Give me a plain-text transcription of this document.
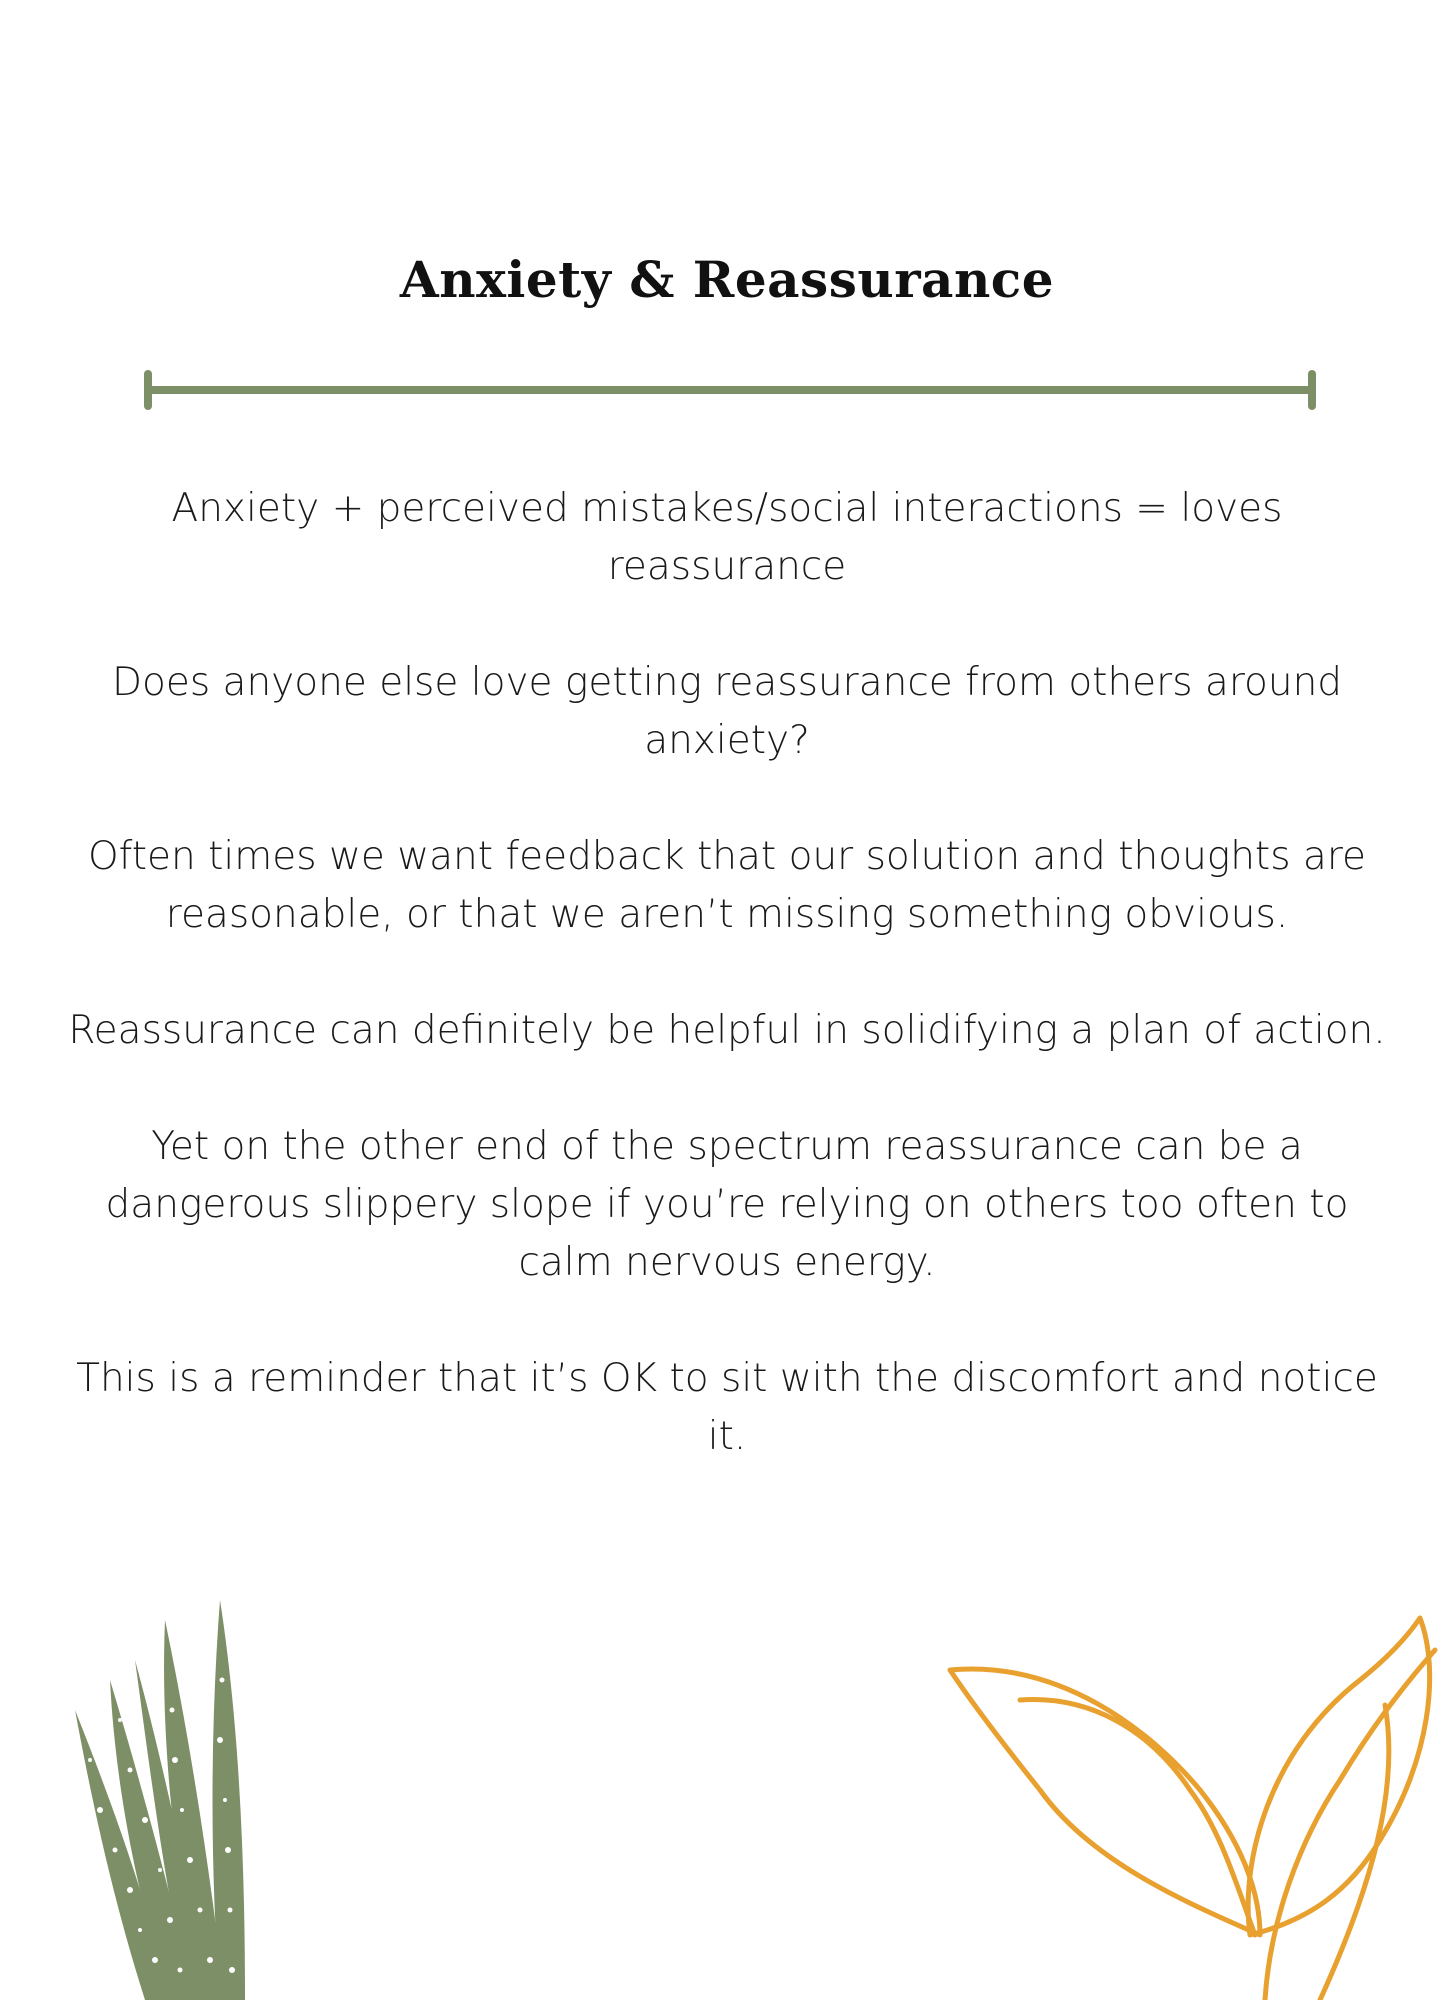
Anxiety & Reassurance

Anxiety + perceived mistakes/social interactions = loves reassurance

Does anyone else love getting reassurance from others around anxiety?

Often times we want feedback that our solution and thoughts are reasonable, or that we aren’t missing something obvious.

Reassurance can definitely be helpful in solidifying a plan of action.

Yet on the other end of the spectrum reassurance can be a dangerous slippery slope if you’re relying on others too often to calm nervous energy.

This is a reminder that it’s OK to sit with the discomfort and notice it.
